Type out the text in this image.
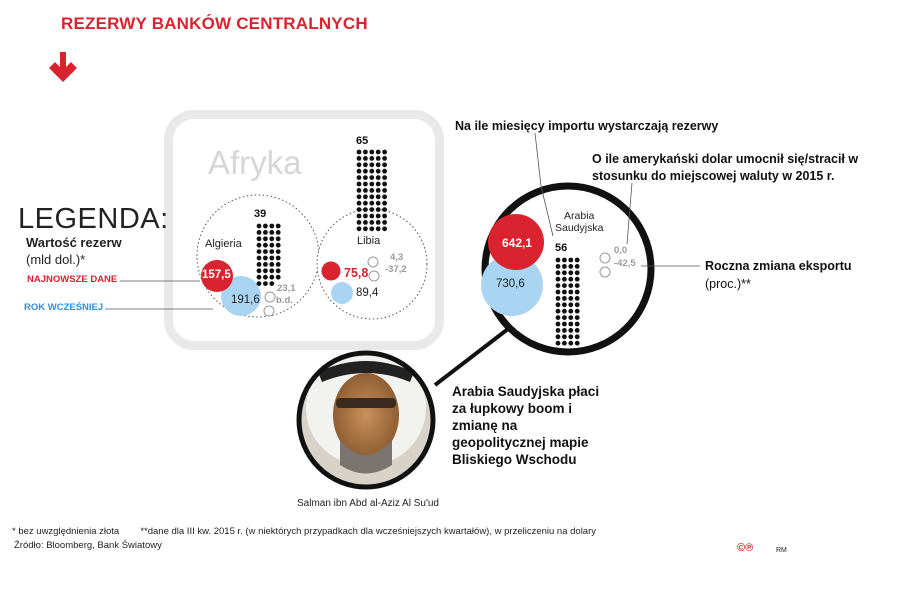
REZERWY BANKÓW CENTRALNYCH
Afryka
Algieria
39
157,5
191,6
23,1
b.d.
Libia
65
75,8
89,4
4,3
-37,2
Arabia
Saudyjska
56
642,1
730,6
0,0
-42,5
LEGENDA:
Wartość rezerw
(mld dol.)*
NAJNOWSZE DANE
ROK WCZEŚNIEJ
Na ile miesięcy importu wystarczają rezerwy
O ile amerykański dolar umocnił się/stracił w stosunku do miejscowej waluty w 2015 r.
Roczna zmiana eksportu (proc.)**
Arabia Saudyjska płaci za łupkowy boom i zmianę na geopolitycznej mapie Bliskiego Wschodu
Salman ibn Abd al-Aziz Al Su'ud
* bez uwzględnienia złota        **dane dla III kw. 2015 r. (w niektórych przypadkach dla wcześniejszych kwartałów), w przeliczeniu na dolary
Źródło: Bloomberg, Bank Światowy	©℗	RM
